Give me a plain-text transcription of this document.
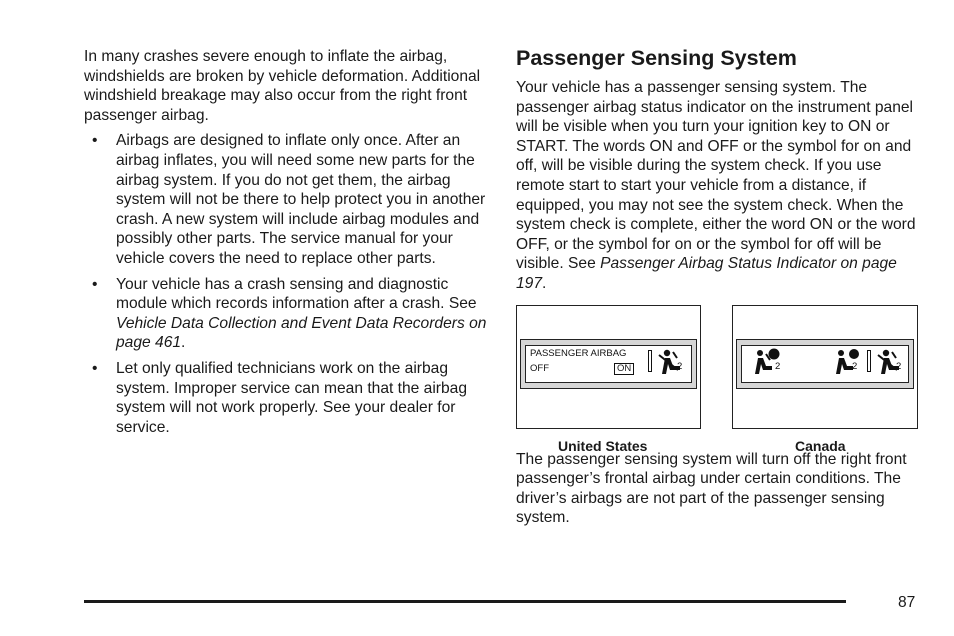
In many crashes severe enough to inflate the airbag, windshields are broken by vehicle deformation. Additional windshield breakage may also occur from the right front passenger airbag.

• Airbags are designed to inflate only once. After an airbag inflates, you will need some new parts for the airbag system. If you do not get them, the airbag system will not be there to help protect you in another crash. A new system will include airbag modules and possibly other parts. The service manual for your vehicle covers the need to replace other parts.
• Your vehicle has a crash sensing and diagnostic module which records information after a crash. See Vehicle Data Collection and Event Data Recorders on page 461.
• Let only qualified technicians work on the airbag system. Improper service can mean that the airbag system will not work properly. See your dealer for service.
Passenger Sensing System

Your vehicle has a passenger sensing system. The passenger airbag status indicator on the instrument panel will be visible when you turn your ignition key to ON or START. The words ON and OFF or the symbol for on and off, will be visible during the system check. If you use remote start to start your vehicle from a distance, if equipped, you may not see the system check. When the system check is complete, either the word ON or the word OFF, or the symbol for on or the symbol for off will be visible. See Passenger Airbag Status Indicator on page 197.

PASSENGER AIRBAG
OFF	ON	2	2	2	2
United States	Canada

The passenger sensing system will turn off the right front passenger’s frontal airbag under certain conditions. The driver’s airbags are not part of the passenger sensing system.

87
